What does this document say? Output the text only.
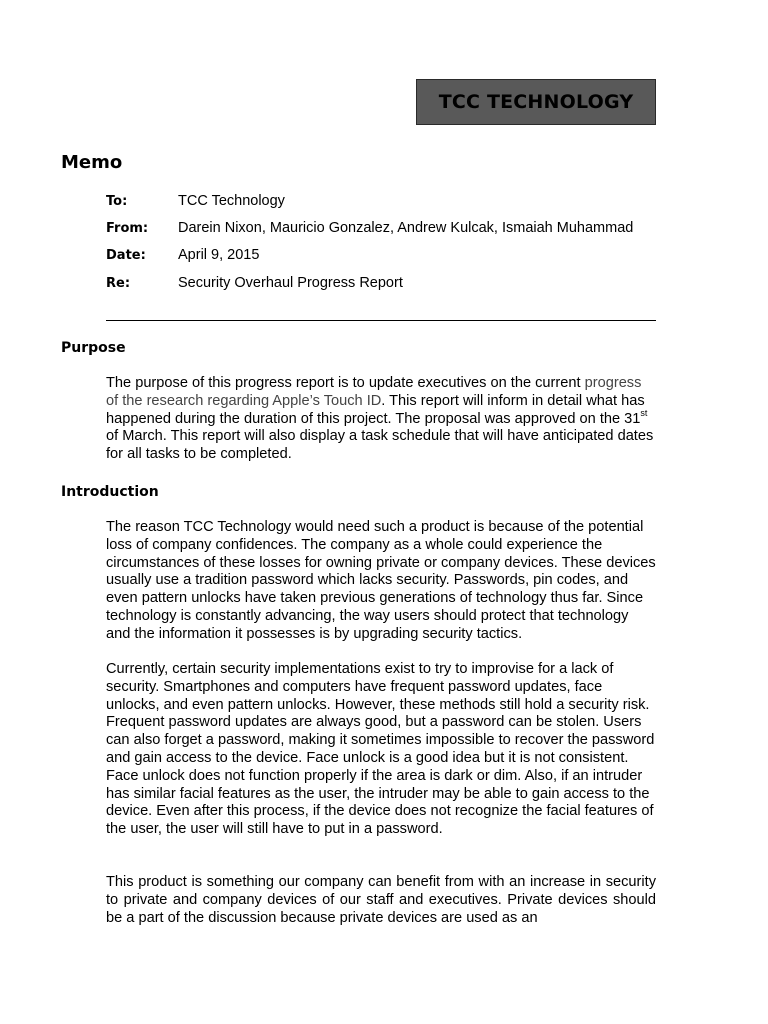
TCC TECHNOLOGY
Memo
To:	TCC Technology
From: Darein Nixon, Mauricio Gonzalez, Andrew Kulcak, Ismaiah Muhammad
Date: April 9, 2015
Re:	Security Overhaul Progress Report
Purpose

The purpose of this progress report is to update executives on the current progress of the research regarding Apple’s Touch ID. This report will inform in detail what has happened during the duration of this project. The proposal was approved on the 31st of March. This report will also display a task schedule that will have anticipated dates for all tasks to be completed.

Introduction

The reason TCC Technology would need such a product is because of the potential loss of company confidences. The company as a whole could experience the circumstances of these losses for owning private or company devices. These devices usually use a tradition password which lacks security. Passwords, pin codes, and even pattern unlocks have taken previous generations of technology thus far. Since technology is constantly advancing, the way users should protect that technology and the information it possesses is by upgrading security tactics.

Currently, certain security implementations exist to try to improvise for a lack of security. Smartphones and computers have frequent password updates, face unlocks, and even pattern unlocks. However, these methods still hold a security risk. Frequent password updates are always good, but a password can be stolen. Users can also forget a password, making it sometimes impossible to recover the password and gain access to the device. Face unlock is a good idea but it is not consistent. Face unlock does not function properly if the area is dark or dim. Also, if an intruder has similar facial features as the user, the intruder may be able to gain access to the device. Even after this process, if the device does not recognize the facial features of the user, the user will still have to put in a password.

This product is something our company can benefit from with an increase in security to private and company devices of our staff and executives. Private devices should be a part of the discussion because private devices are used as an
